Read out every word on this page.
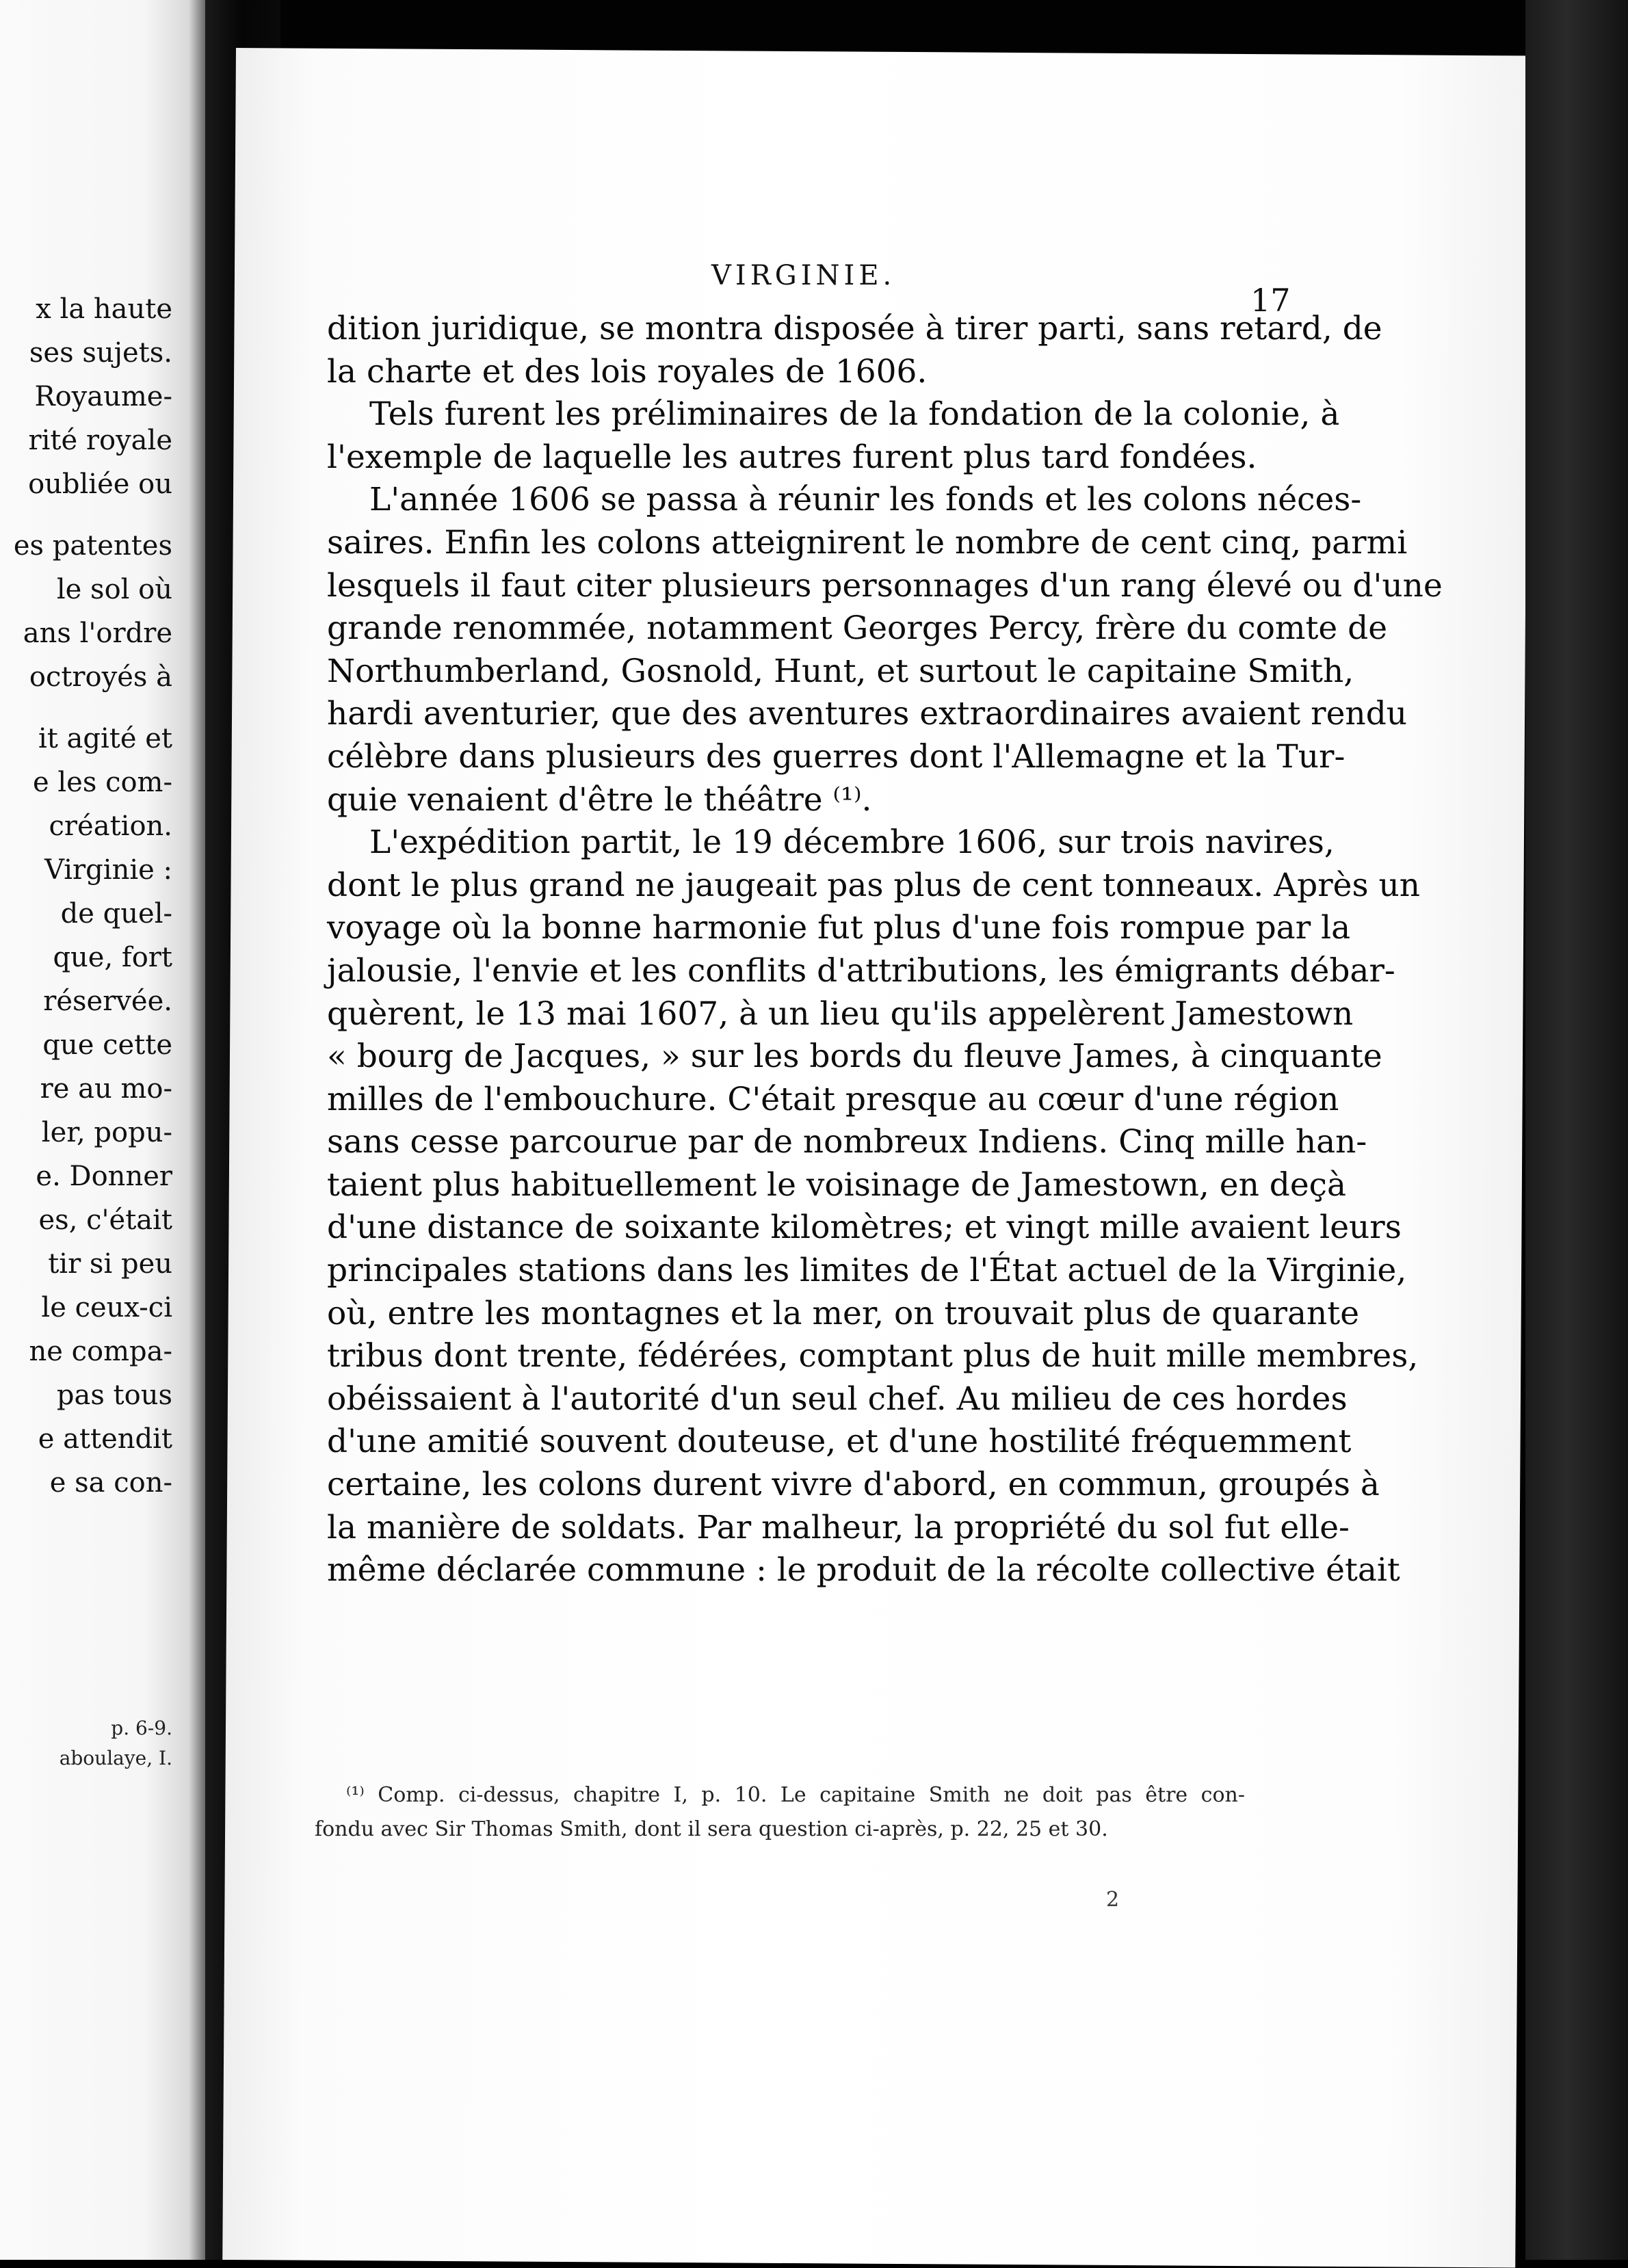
x la haute
ses sujets.
Royaume-
rité royale
oubliée ou
es patentes
le sol où
ans l'ordre
octroyés à
it agité et
e les com-
création.
Virginie :
de quel-
que, fort
réservée.
que cette
re au mo-
ler, popu-
e. Donner
es, c'était
tir si peu
le ceux-ci
ne compa-
pas tous
e attendit
e sa con-
p. 6-9.
aboulaye, I.
VIRGINIE.
17
dition juridique, se montra disposée à tirer parti, sans retard, de
la charte et des lois royales de 1606.
Tels furent les préliminaires de la fondation de la colonie, à
l'exemple de laquelle les autres furent plus tard fondées.
L'année 1606 se passa à réunir les fonds et les colons néces-
saires. Enfin les colons atteignirent le nombre de cent cinq, parmi
lesquels il faut citer plusieurs personnages d'un rang élevé ou d'une
grande renommée, notamment Georges Percy, frère du comte de
Northumberland, Gosnold, Hunt, et surtout le capitaine Smith,
hardi aventurier, que des aventures extraordinaires avaient rendu
célèbre dans plusieurs des guerres dont l'Allemagne et la Tur-
quie venaient d'être le théâtre ⁽¹⁾.
L'expédition partit, le 19 décembre 1606, sur trois navires,
dont le plus grand ne jaugeait pas plus de cent tonneaux. Après un
voyage où la bonne harmonie fut plus d'une fois rompue par la
jalousie, l'envie et les conflits d'attributions, les émigrants débar-
quèrent, le 13 mai 1607, à un lieu qu'ils appelèrent Jamestown
« bourg de Jacques, » sur les bords du fleuve James, à cinquante
milles de l'embouchure. C'était presque au cœur d'une région
sans cesse parcourue par de nombreux Indiens. Cinq mille han-
taient plus habituellement le voisinage de Jamestown, en deçà
d'une distance de soixante kilomètres; et vingt mille avaient leurs
principales stations dans les limites de l'État actuel de la Virginie,
où, entre les montagnes et la mer, on trouvait plus de quarante
tribus dont trente, fédérées, comptant plus de huit mille membres,
obéissaient à l'autorité d'un seul chef. Au milieu de ces hordes
d'une amitié souvent douteuse, et d'une hostilité fréquemment
certaine, les colons durent vivre d'abord, en commun, groupés à
la manière de soldats. Par malheur, la propriété du sol fut elle-
même déclarée commune : le produit de la récolte collective était
⁽¹⁾ Comp. ci-dessus, chapitre I, p. 10. Le capitaine Smith ne doit pas être con-
fondu avec Sir Thomas Smith, dont il sera question ci-après, p. 22, 25 et 30.
2
